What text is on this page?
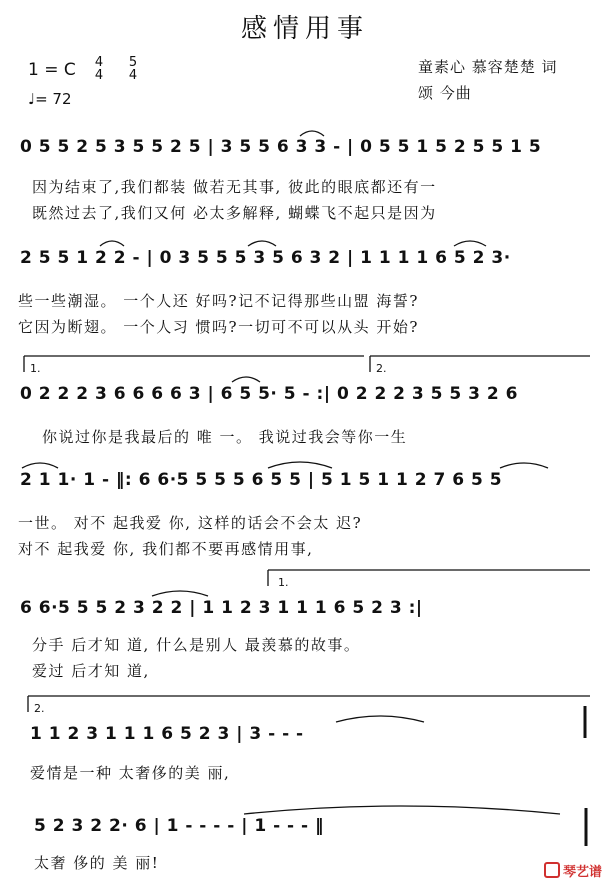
感情用事
1 = C 4
4
5
4
♩= 72
童素心 慕容楚楚 词
颂 今曲
0 5 5 2 5 3 5 5 2 5 | 3 5 5 6 3 3 - | 0 5 5 1 5 2 5 5 1 5
因为结束了,我们都装 做若无其事, 彼此的眼底都还有一
既然过去了,我们又何 必太多解释, 蝴蝶飞不起只是因为
2 5 5 1 2 2 - | 0 3 5 5 5 3 5 6 3 2 | 1 1 1 1 6 5 2 3·
些一些潮湿。 一个人还 好吗?记不记得那些山盟 海誓?
它因为断翅。 一个人习 惯吗?一切可不可以从头 开始?
1.	2.
0 2 2 2 3 6 6 6 6 3 | 6 5 5· 5 - :| 0 2 2 2 3 5 5 3 2 6
你说过你是我最后的 唯 一。 我说过我会等你一生
2 1 1· 1 - ‖: 6 6·5 5 5 5 6 5 5 | 5 1 5 1 1 2 7 6 5 5
一世。 对不 起我爱 你, 这样的话会不会太 迟?
对不 起我爱 你, 我们都不要再感情用事,
1.
6 6·5 5 5 2 3 2 2 | 1 1 2 3 1 1 1 6 5 2 3 :|
分手 后才知 道, 什么是别人 最羡慕的故事。
爱过 后才知 道,
2.
1 1 2 3 1 1 1 6 5 2 3 | 3 - - -
爱情是一种 太奢侈的美 丽,
5 2 3 2 2· 6 | 1 - - - - | 1 - - - ‖
太奢 侈的 美 丽!
琴艺谱
